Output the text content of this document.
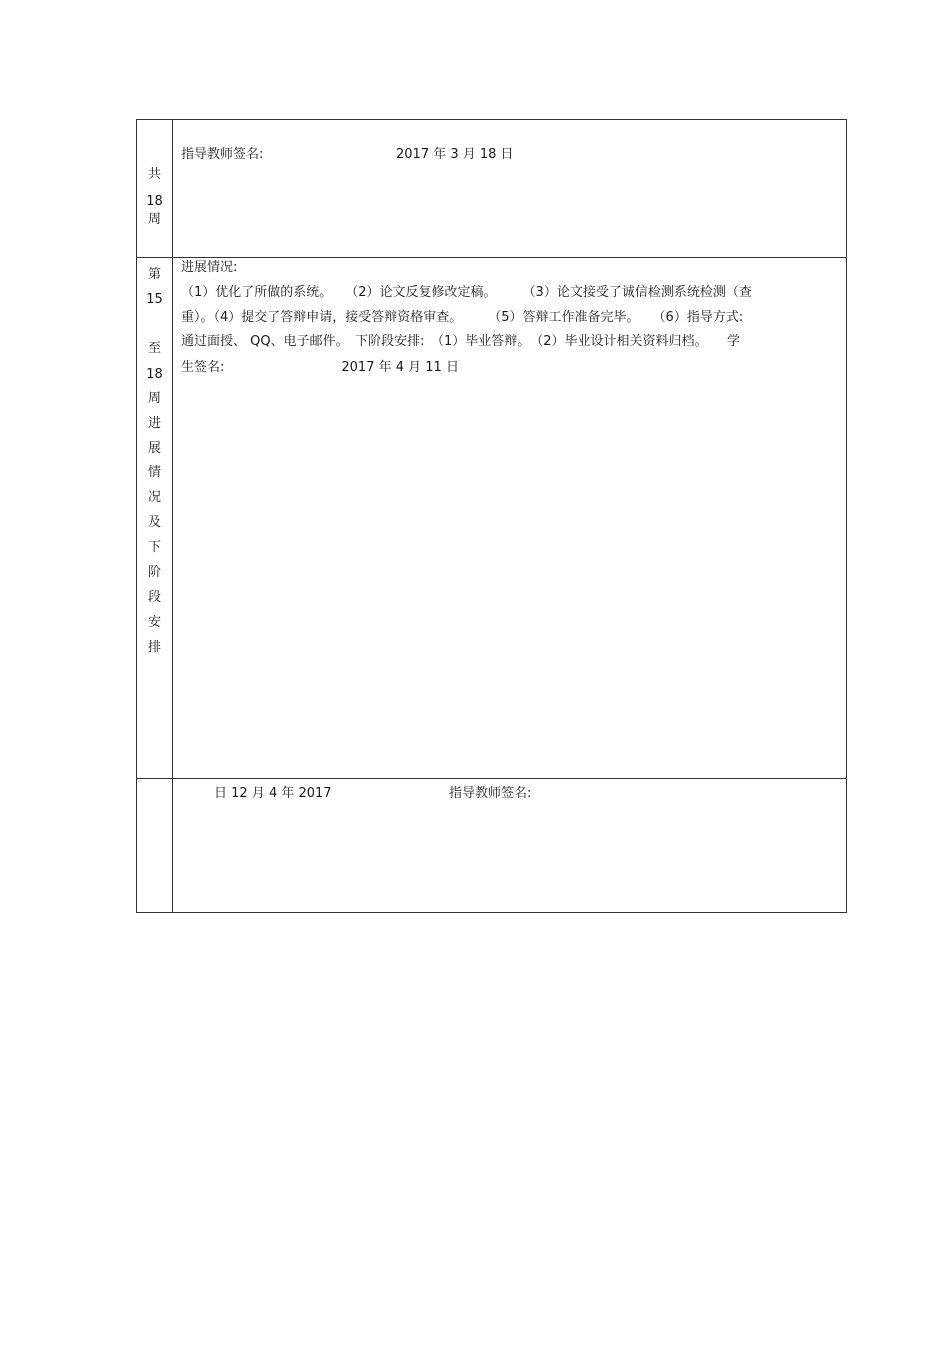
指导教师签名:	2017 年 3 月 18 日
共
18
周
第
15
至
18
周
进
展
情
况
及
下
阶
段
安
排
进展情况:
（1）优化了所做的系统。　　（2）论文反复修改定稿。　　　（3）论文接受了诚信检测系统检测（查
重）。（4）提交了答辩申请，接受答辩资格审查。　　　（5）答辩工作准备完毕。　　（6）指导方式:
通过面授、 QQ、电子邮件。　下阶段安排:　（1）毕业答辩。　（2）毕业设计相关资料归档。　　学
生签名:　　　　　　　　　2017 年 4 月 11 日
日 12 月 4 年 2017	指导教师签名:
